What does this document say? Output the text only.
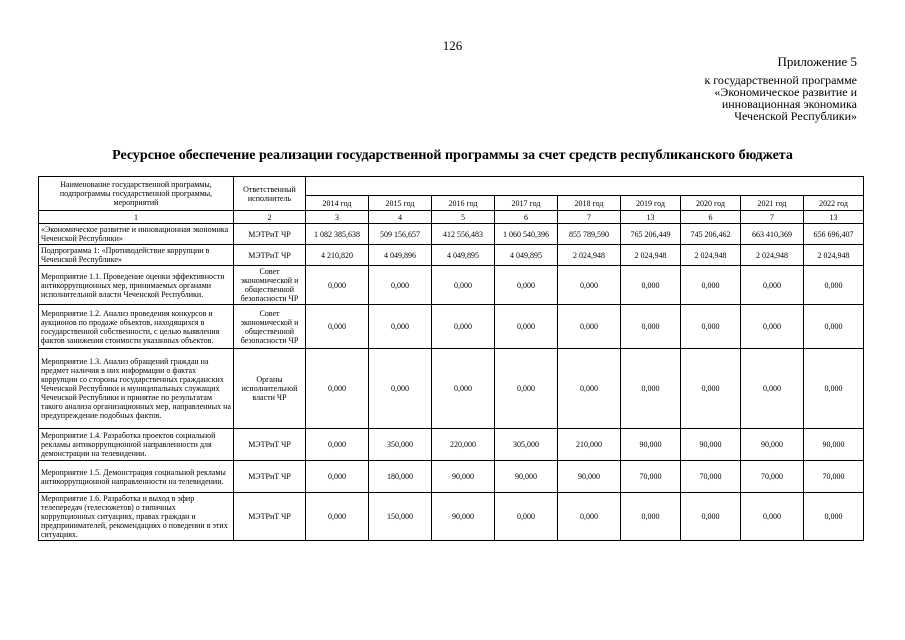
126
Приложение 5
к государственной программе
«Экономическое развитие и
инновационная экономика
Чеченской Республики»
Ресурсное обеспечение реализации государственной программы за счет средств республиканского бюджета
Наименование государственной программы, подпрограммы государственной программы, мероприятий	Ответственный исполнитель									
		2014 год	2015 год	2016 год	2017 год	2018 год	2019 год	2020 год	2021 год	2022 год
1	2	3	4	5	6	7	13	6	7	13
«Экономическое развитие и инновационная экономика Чеченской Республики»	МЭТРиТ ЧР	1 082 385,638	509 156,657	412 556,483	1 060 540,396	855 789,590	765 206,449	745 206,462	663 410,369	656 696,407
Подпрограмма 1: «Противодействие коррупции в Чеченской Республике»	МЭТРиТ ЧР	4 210,820	4 049,896	4 049,895	4 049,895	2 024,948	2 024,948	2 024,948	2 024,948	2 024,948
Мероприятие 1.1. Проведение оценки эффективности антикоррупционных мер, принимаемых органами исполнительной власти Чеченской Республики.	Совет экономической и общественной безопасности ЧР	0,000	0,000	0,000	0,000	0,000	0,000	0,000	0,000	0,000
Мероприятие 1.2. Анализ проведения конкурсов и аукционов по продаже объектов, находящихся в государственной собственности, с целью выявления фактов занижения стоимости указанных объектов.	Совет экономической и общественной безопасности ЧР	0,000	0,000	0,000	0,000	0,000	0,000	0,000	0,000	0,000
Мероприятие 1.3. Анализ обращений граждан на предмет наличия в них информации о фактах коррупции со стороны государственных гражданских Чеченской Республики и муниципальных служащих Чеченской Республики и принятие по результатам такого анализа организационных мер, направленных на предупреждение подобных фактов.	Органы исполнительной власти ЧР	0,000	0,000	0,000	0,000	0,000	0,000	0,000	0,000	0,000
Мероприятие 1.4. Разработка проектов социальной рекламы антикоррупционной направленности для демонстрации на телевидении.	МЭТРиТ ЧР	0,000	350,000	220,000	305,000	210,000	90,000	90,000	90,000	90,000
Мероприятие 1.5. Демонстрация социальной рекламы антикоррупционной направленности на телевидении.	МЭТРиТ ЧР	0,000	180,000	90,000	90,000	90,000	70,000	70,000	70,000	70,000
Мероприятие 1.6. Разработка и выход в эфир телепередач (телесюжетов) о типичных коррупционных ситуациях, правах граждан и предпринимателей, рекомендациях о поведении в этих ситуациях.	МЭТРиТ ЧР	0,000	150,000	90,000	0,000	0,000	0,000	0,000	0,000	0,000
